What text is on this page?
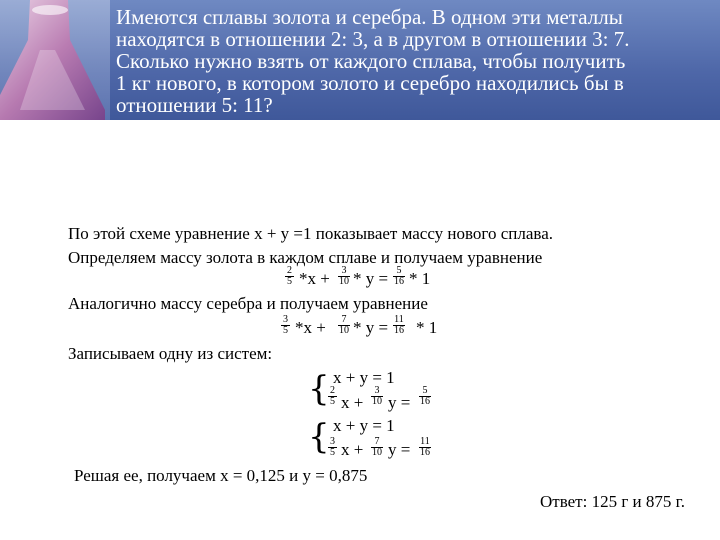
Имеются сплавы золота и серебра. В одном эти металлы
находятся в отношении 2: 3, а в другом в отношении 3: 7.
Сколько нужно взять от каждого сплава, чтобы получить
1 кг нового, в котором золото и серебро находились бы в
отношении 5: 11?
По этой схеме уравнение x + y =1 показывает массу нового сплава.
Определяем массу золота в каждом сплаве и получаем уравнение
2
5 *x + 3
10 * y = 5
16 * 1
Аналогично массу серебра и получаем уравнение
3
5 *x + 7
10 * y = 11
16 * 1
Записываем одну из систем:
{ x + y = 1
2
5 x +
3
10 y =
5
16
{ x + y = 1
3
5 x + 7
10 y = 11
16
Решая ее, получаем x = 0,125 и y = 0,875
Ответ: 125 г и 875 г.
